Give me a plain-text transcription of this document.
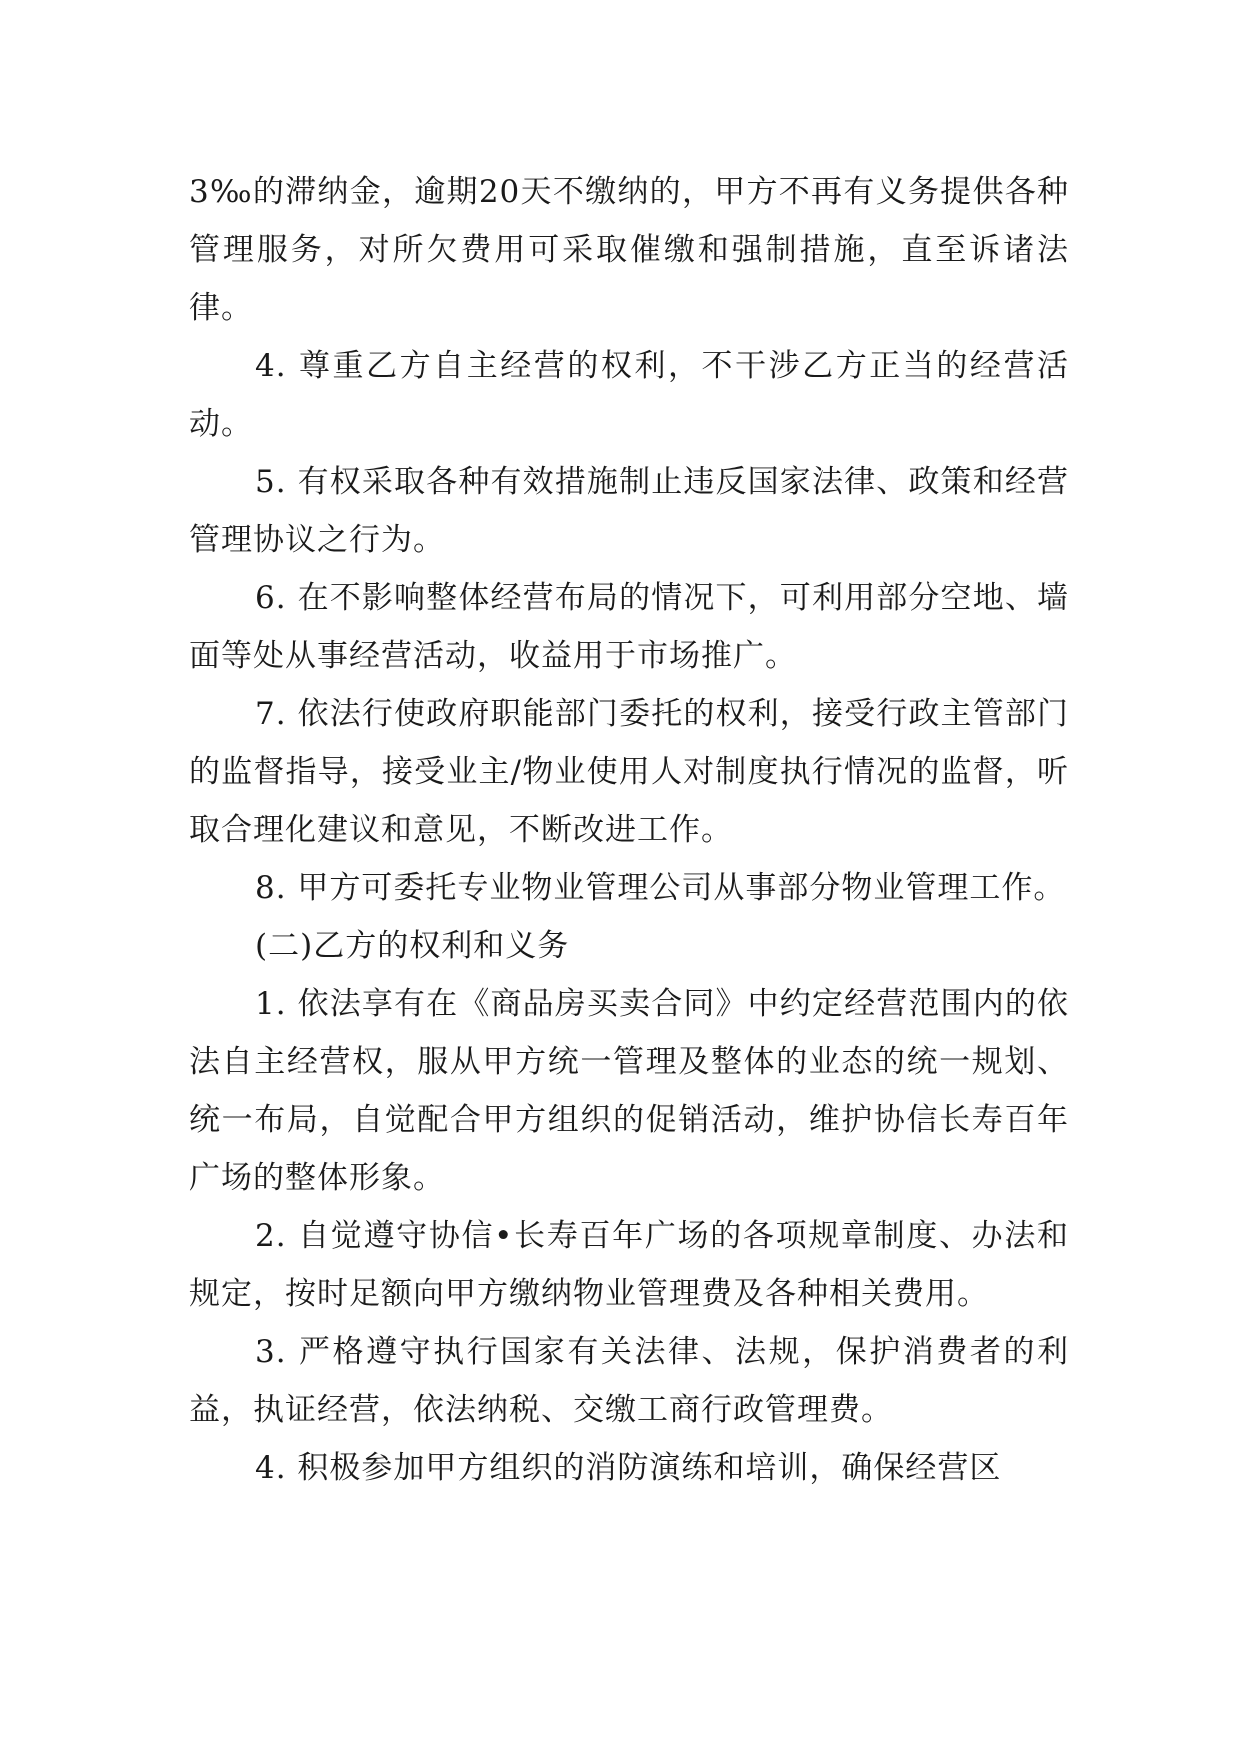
3‰的滞纳金，逾期20天不缴纳的，甲方不再有义务提供各种管理服务，对所欠费用可采取催缴和强制措施，直至诉诸法律。

4. 尊重乙方自主经营的权利，不干涉乙方正当的经营活动。

5. 有权采取各种有效措施制止违反国家法律、政策和经营管理协议之行为。

6. 在不影响整体经营布局的情况下，可利用部分空地、墙面等处从事经营活动，收益用于市场推广。

7. 依法行使政府职能部门委托的权利，接受行政主管部门的监督指导，接受业主/物业使用人对制度执行情况的监督，听取合理化建议和意见，不断改进工作。

8. 甲方可委托专业物业管理公司从事部分物业管理工作。

(二)乙方的权利和义务

1. 依法享有在《商品房买卖合同》中约定经营范围内的依法自主经营权，服从甲方统一管理及整体的业态的统一规划、统一布局，自觉配合甲方组织的促销活动，维护协信长寿百年广场的整体形象。

2. 自觉遵守协信•长寿百年广场的各项规章制度、办法和规定，按时足额向甲方缴纳物业管理费及各种相关费用。

3. 严格遵守执行国家有关法律、法规，保护消费者的利益，执证经营，依法纳税、交缴工商行政管理费。

4. 积极参加甲方组织的消防演练和培训，确保经营区
